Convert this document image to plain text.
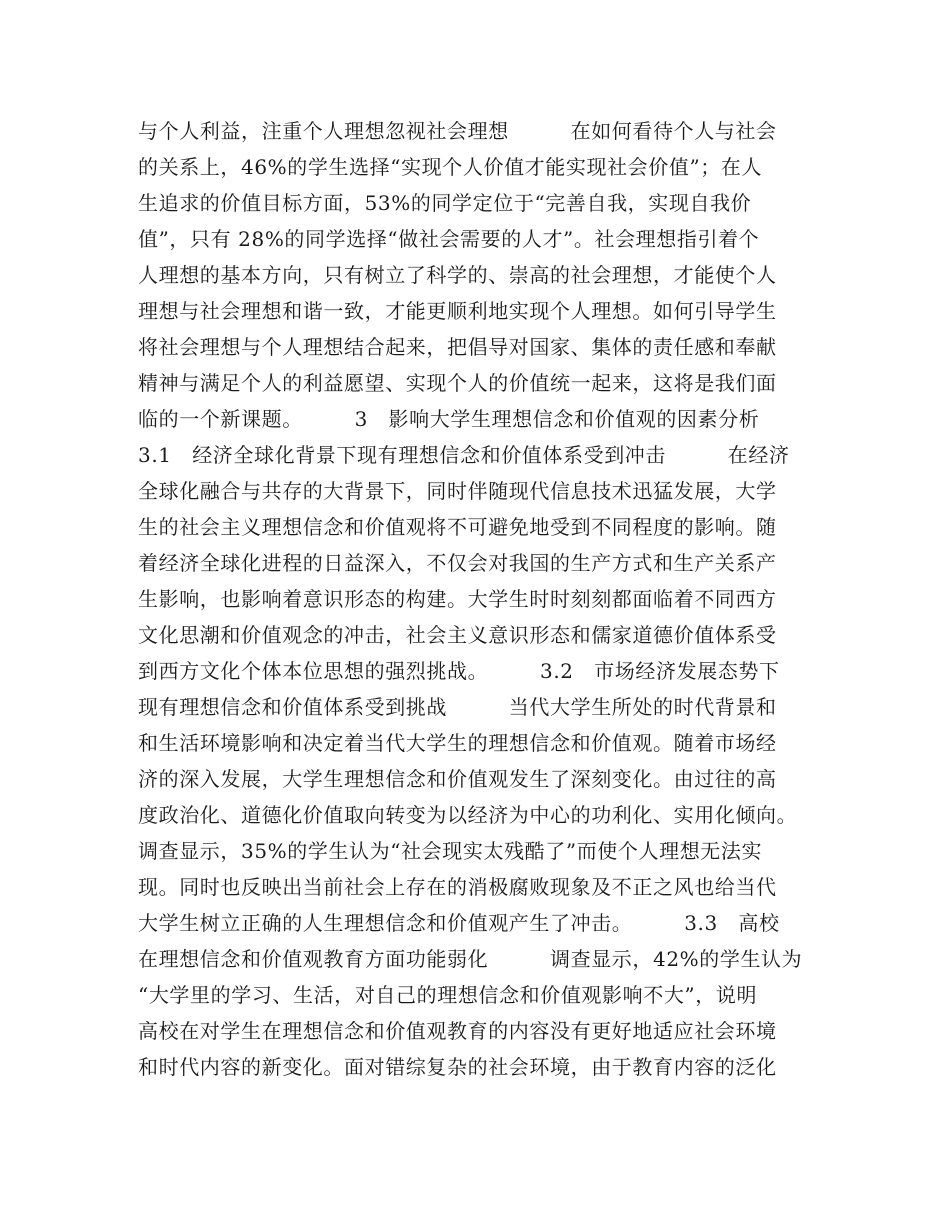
与个人利益，注重个人理想忽视社会理想　　　在如何看待个人与社会
的关系上，46%的学生选择“实现个人价值才能实现社会价值”；在人
生追求的价值目标方面，53%的同学定位于“完善自我，实现自我价
值”，只有 28%的同学选择“做社会需要的人才”。社会理想指引着个
人理想的基本方向，只有树立了科学的、崇高的社会理想，才能使个人
理想与社会理想和谐一致，才能更顺利地实现个人理想。如何引导学生
将社会理想与个人理想结合起来，把倡导对国家、集体的责任感和奉献
精神与满足个人的利益愿望、实现个人的价值统一起来，这将是我们面
临的一个新课题。　　　3　影响大学生理想信念和价值观的因素分析
3.1　经济全球化背景下现有理想信念和价值体系受到冲击　　　在经济
全球化融合与共存的大背景下，同时伴随现代信息技术迅猛发展，大学
生的社会主义理想信念和价值观将不可避免地受到不同程度的影响。随
着经济全球化进程的日益深入，不仅会对我国的生产方式和生产关系产
生影响，也影响着意识形态的构建。大学生时时刻刻都面临着不同西方
文化思潮和价值观念的冲击，社会主义意识形态和儒家道德价值体系受
到西方文化个体本位思想的强烈挑战。　　　3.2　市场经济发展态势下
现有理想信念和价值体系受到挑战　　　当代大学生所处的时代背景和
和生活环境影响和决定着当代大学生的理想信念和价值观。随着市场经
济的深入发展，大学生理想信念和价值观发生了深刻变化。由过往的高
度政治化、道德化价值取向转变为以经济为中心的功利化、实用化倾向。
调查显示，35%的学生认为“社会现实太残酷了”而使个人理想无法实
现。同时也反映出当前社会上存在的消极腐败现象及不正之风也给当代
大学生树立正确的人生理想信念和价值观产生了冲击。　　　3.3　高校
在理想信念和价值观教育方面功能弱化　　　调查显示，42%的学生认为
“大学里的学习、生活，对自己的理想信念和价值观影响不大”，说明
高校在对学生在理想信念和价值观教育的内容没有更好地适应社会环境
和时代内容的新变化。面对错综复杂的社会环境，由于教育内容的泛化
